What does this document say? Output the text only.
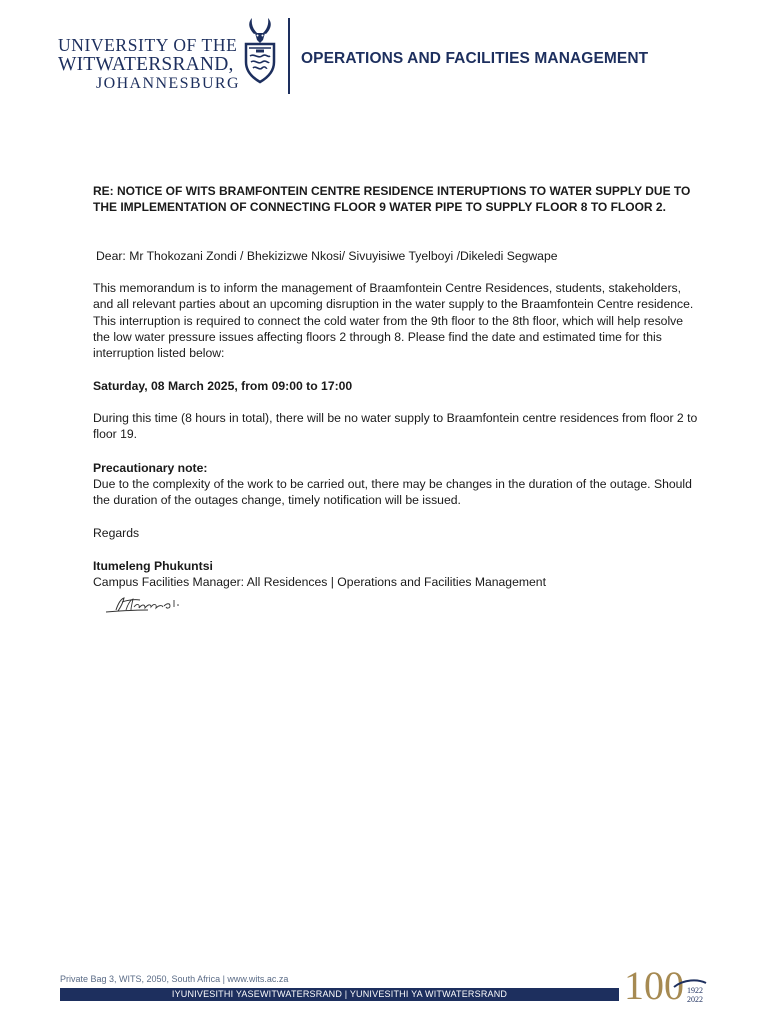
UNIVERSITY OF THE
WITWATERSRAND,
JOHANNESBURG
OPERATIONS AND FACILITIES MANAGEMENT
RE: NOTICE OF WITS BRAMFONTEIN CENTRE RESIDENCE INTERUPTIONS TO WATER SUPPLY DUE TO THE IMPLEMENTATION OF CONNECTING FLOOR 9 WATER PIPE TO SUPPLY FLOOR 8 TO FLOOR 2.
Dear: Mr Thokozani Zondi / Bhekizizwe Nkosi/ Sivuyisiwe Tyelboyi /Dikeledi Segwape
This memorandum is to inform the management of Braamfontein Centre Residences, students, stakeholders, and all relevant parties about an upcoming disruption in the water supply to the Braamfontein Centre residence. This interruption is required to connect the cold water from the 9th floor to the 8th floor, which will help resolve the low water pressure issues affecting floors 2 through 8. Please find the date and estimated time for this interruption listed below:
Saturday, 08 March 2025, from 09:00 to 17:00
During this time (8 hours in total), there will be no water supply to Braamfontein centre residences from floor 2 to floor 19.
Precautionary note:
Due to the complexity of the work to be carried out, there may be changes in the duration of the outage. Should the duration of the outages change, timely notification will be issued.
Regards
Itumeleng Phukuntsi
Campus Facilities Manager: All Residences | Operations and Facilities Management
Private Bag 3, WITS, 2050, South Africa | www.wits.ac.za
IYUNIVESITHI YASEWITWATERSRAND | YUNIVESITHI YA WITWATERSRAND	100 1922
2022
